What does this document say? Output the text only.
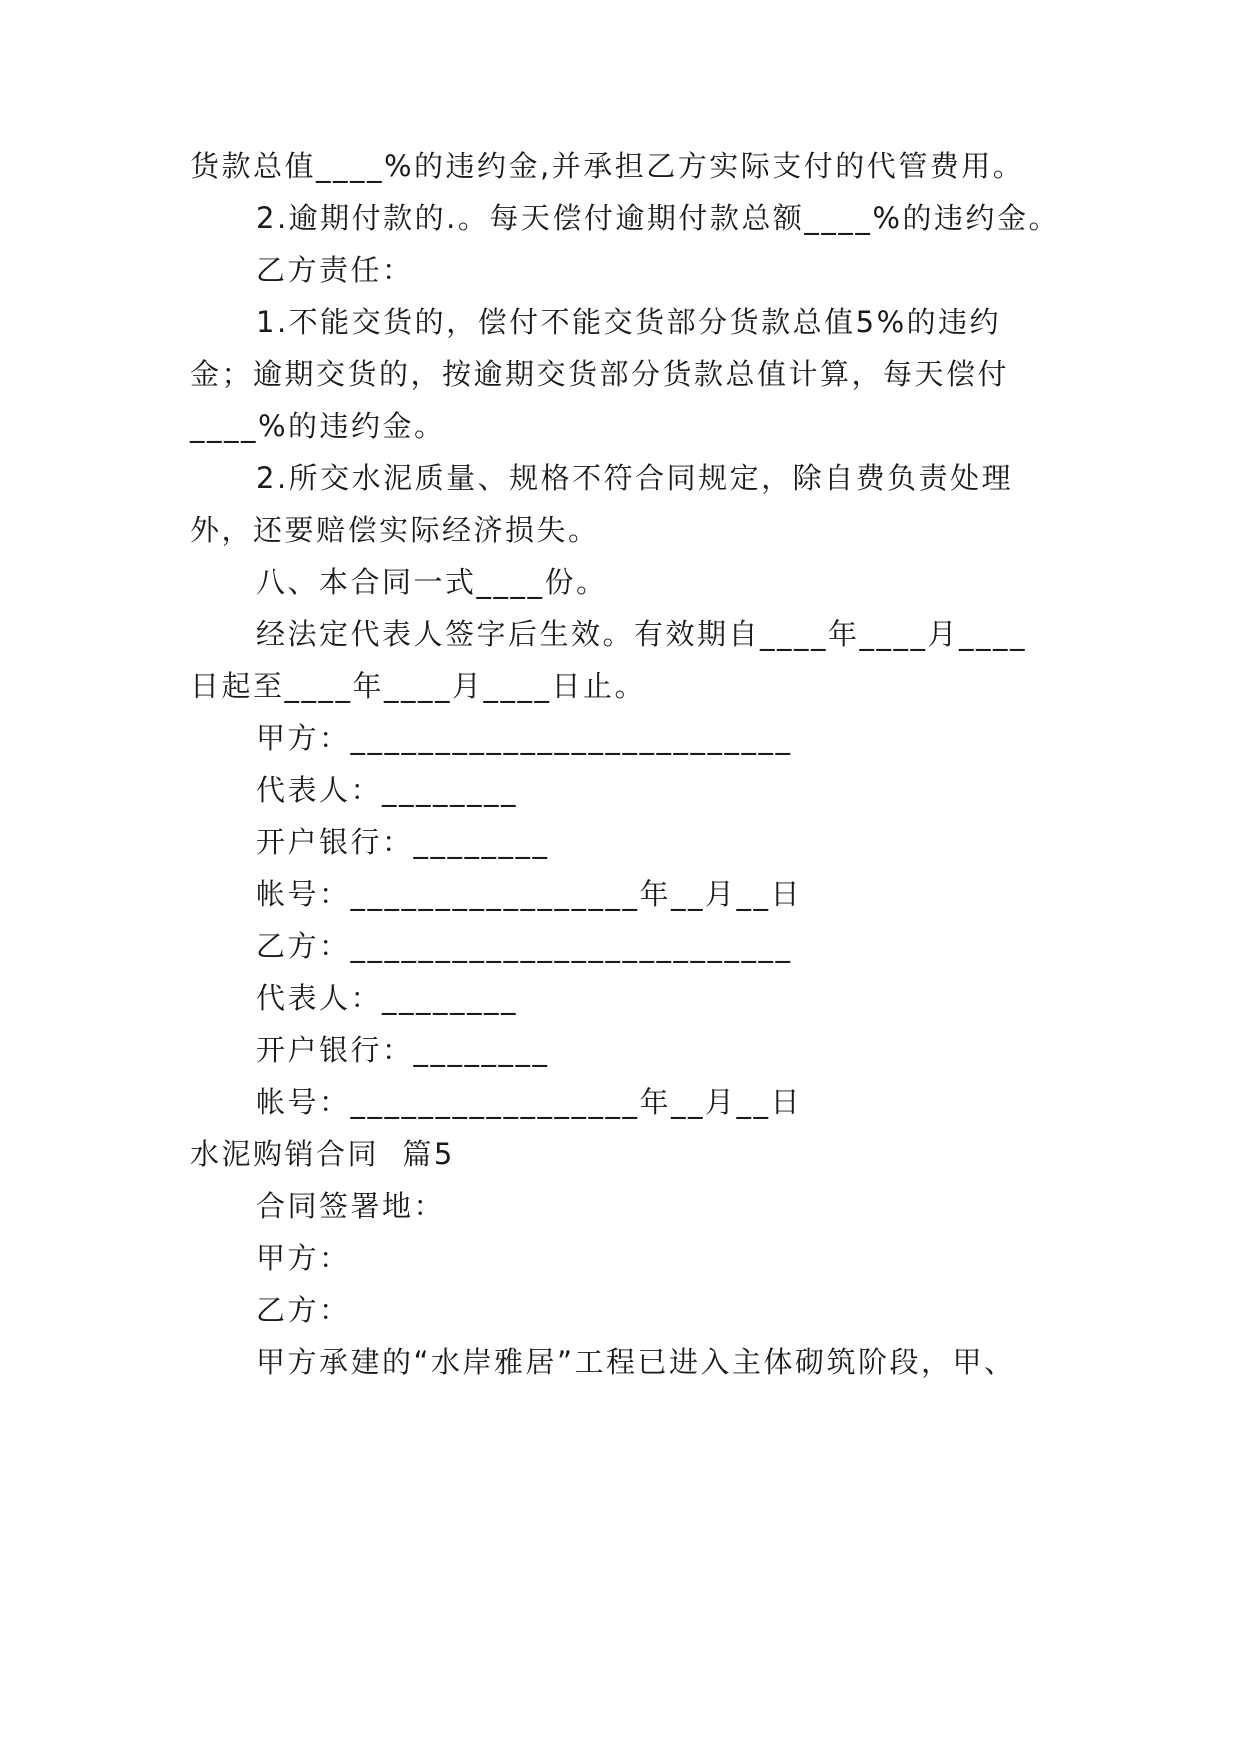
货款总值____%的违约金,并承担乙方实际支付的代管费用。
2.逾期付款的.。每天偿付逾期付款总额____%的违约金。
乙方责任：
1.不能交货的，偿付不能交货部分货款总值5%的违约
金；逾期交货的，按逾期交货部分货款总值计算，每天偿付
____%的违约金。
2.所交水泥质量、规格不符合同规定，除自费负责处理
外，还要赔偿实际经济损失。
八、本合同一式____份。
经法定代表人签字后生效。有效期自____年____月____
日起至____年____月____日止。
甲方：__________________________
代表人：________
开户银行：________
帐号：_________________年__月__日
乙方：__________________________
代表人：________
开户银行：________
帐号：_________________年__月__日
水泥购销合同  篇5
合同签署地：
甲方：
乙方：
甲方承建的“水岸雅居”工程已进入主体砌筑阶段，甲、
